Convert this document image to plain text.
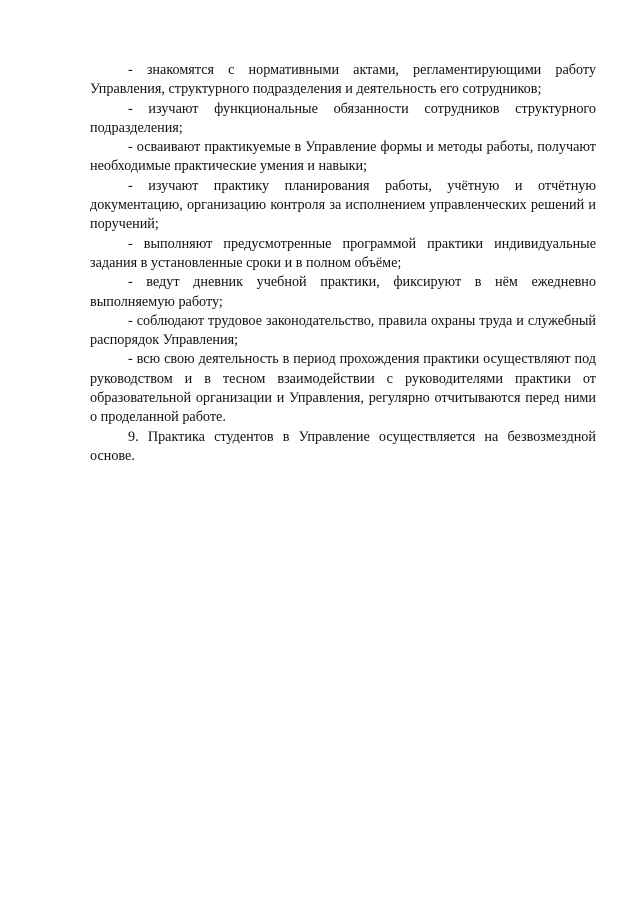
- знакомятся с нормативными актами, регламентирующими работу Управления, структурного подразделения и деятельность его сотрудников;

- изучают функциональные обязанности сотрудников структурного подразделения;

- осваивают практикуемые в Управление формы и методы работы, получают необходимые практические умения и навыки;

- изучают практику планирования работы, учётную и отчётную документацию, организацию контроля за исполнением управленческих решений и поручений;

- выполняют предусмотренные программой практики индивидуальные задания в установленные сроки и в полном объёме;

- ведут дневник учебной практики, фиксируют в нём ежедневно выполняемую работу;

- соблюдают трудовое законодательство, правила охраны труда и служебный распорядок Управления;

- всю свою деятельность в период прохождения практики осуществляют под руководством и в тесном взаимодействии с руководителями практики от образовательной организации и Управления, регулярно отчитываются перед ними о проделанной работе.

9. Практика студентов в Управление осуществляется на безвозмездной основе.
